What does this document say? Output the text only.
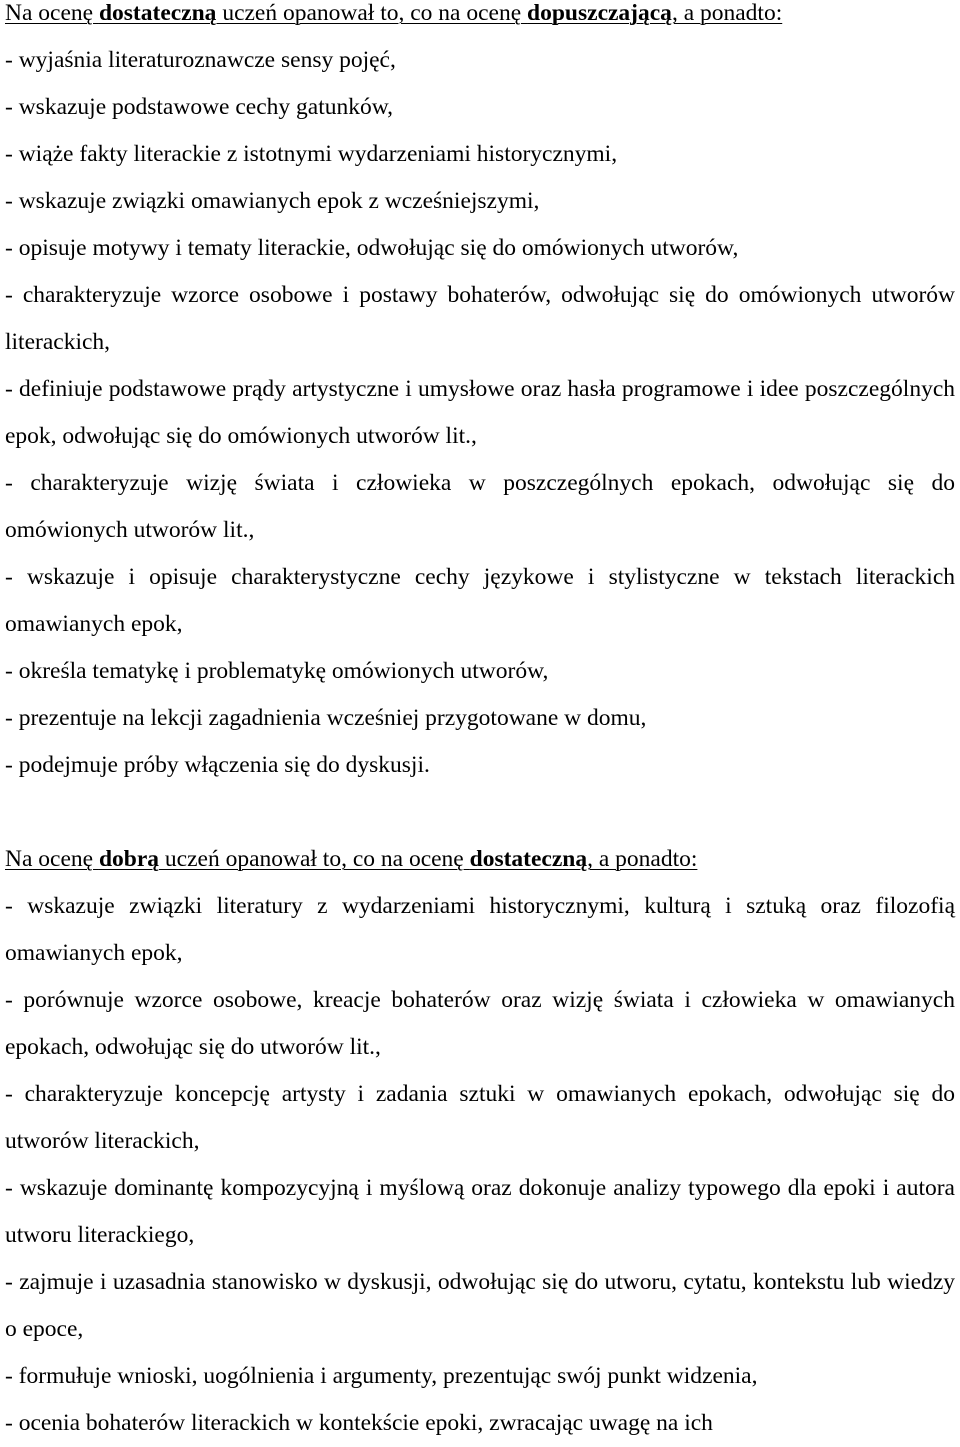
Na ocenę dostateczną uczeń opanował to, co na ocenę dopuszczającą, a ponadto:

- wyjaśnia literaturoznawcze sensy pojęć,
- wskazuje podstawowe cechy gatunków,
- wiąże fakty literackie z istotnymi wydarzeniami historycznymi,
- wskazuje związki omawianych epok z wcześniejszymi,
- opisuje motywy i tematy literackie, odwołując się do omówionych utworów,
- charakteryzuje wzorce osobowe i postawy bohaterów, odwołując się do omówionych utworów literackich,
- definiuje podstawowe prądy artystyczne i umysłowe oraz hasła programowe i idee poszczególnych epok, odwołując się do omówionych utworów lit.,
- charakteryzuje wizję świata i człowieka w poszczególnych epokach, odwołując się do omówionych utworów lit.,
- wskazuje i opisuje charakterystyczne cechy językowe i stylistyczne w tekstach literackich omawianych epok,
- określa tematykę i problematykę omówionych utworów,
- prezentuje na lekcji zagadnienia wcześniej przygotowane w domu,
- podejmuje próby włączenia się do dyskusji.

Na ocenę dobrą uczeń opanował to, co na ocenę dostateczną, a ponadto:

- wskazuje związki literatury z wydarzeniami historycznymi, kulturą i sztuką oraz filozofią omawianych epok,
- porównuje wzorce osobowe, kreacje bohaterów oraz wizję świata i człowieka w omawianych epokach, odwołując się do utworów lit.,
- charakteryzuje koncepcję artysty i zadania sztuki w omawianych epokach, odwołując się do utworów literackich,
- wskazuje dominantę kompozycyjną i myślową oraz dokonuje analizy typowego dla epoki i autora utworu literackiego,
- zajmuje i uzasadnia stanowisko w dyskusji, odwołując się do utworu, cytatu, kontekstu lub wiedzy o epoce,
- formułuje wnioski, uogólnienia i argumenty, prezentując swój punkt widzenia,
- ocenia bohaterów literackich w kontekście epoki, zwracając uwagę na ich
